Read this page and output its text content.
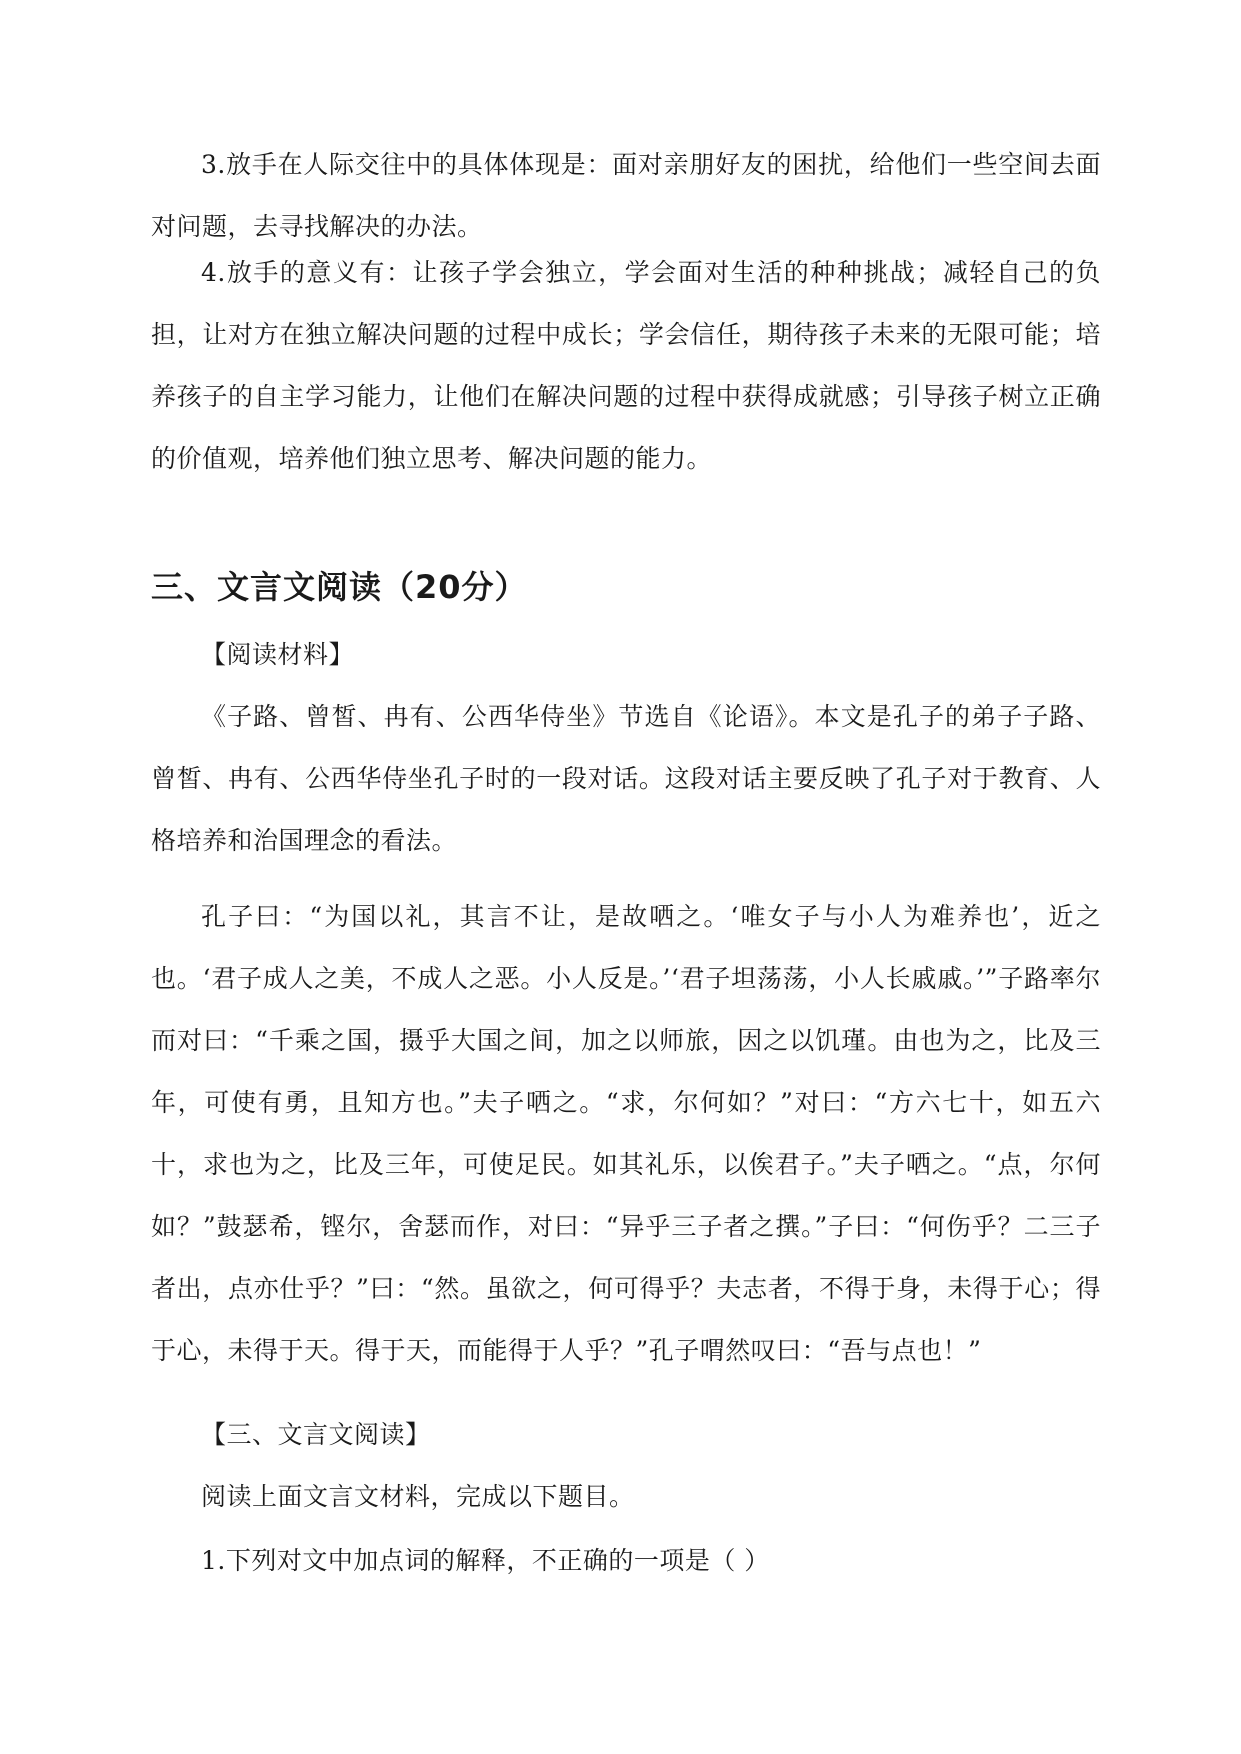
3.放手在人际交往中的具体体现是：面对亲朋好友的困扰，给他们一些空间去面对问题，去寻找解决的办法。

4.放手的意义有：让孩子学会独立，学会面对生活的种种挑战；减轻自己的负担，让对方在独立解决问题的过程中成长；学会信任，期待孩子未来的无限可能；培养孩子的自主学习能力，让他们在解决问题的过程中获得成就感；引导孩子树立正确的价值观，培养他们独立思考、解决问题的能力。

三、文言文阅读（20分）

【阅读材料】

《子路、曾皙、冉有、公西华侍坐》节选自《论语》。本文是孔子的弟子子路、曾皙、冉有、公西华侍坐孔子时的一段对话。这段对话主要反映了孔子对于教育、人格培养和治国理念的看法。

孔子曰：“为国以礼，其言不让，是故哂之。‘唯女子与小人为难养也’，近之也。‘君子成人之美，不成人之恶。小人反是。’‘君子坦荡荡，小人长戚戚。’”子路率尔而对曰：“千乘之国，摄乎大国之间，加之以师旅，因之以饥瑾。由也为之，比及三年，可使有勇，且知方也。”夫子哂之。“求，尔何如？”对曰：“方六七十，如五六十，求也为之，比及三年，可使足民。如其礼乐，以俟君子。”夫子哂之。“点，尔何如？”鼓瑟希，铿尔，舍瑟而作，对曰：“异乎三子者之撰。”子曰：“何伤乎？二三子者出，点亦仕乎？”曰：“然。虽欲之，何可得乎？夫志者，不得于身，未得于心；得于心，未得于天。得于天，而能得于人乎？”孔子喟然叹曰：“吾与点也！”

【三、文言文阅读】

阅读上面文言文材料，完成以下题目。

1.下列对文中加点词的解释，不正确的一项是（ ）
